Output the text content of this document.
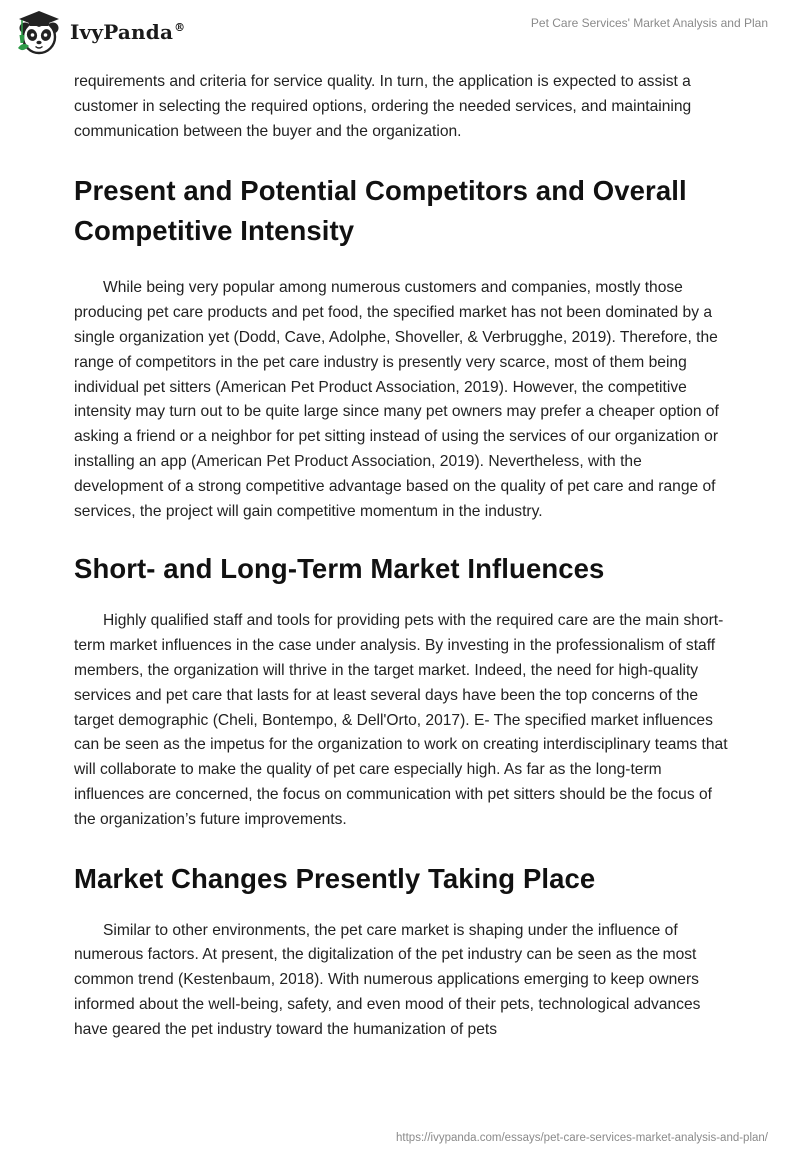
IvyPanda®	Pet Care Services' Market Analysis and Plan

requirements and criteria for service quality. In turn, the application is expected to assist a customer in selecting the required options, ordering the needed services, and maintaining communication between the buyer and the organization.

Present and Potential Competitors and Overall Competitive Intensity

While being very popular among numerous customers and companies, mostly those producing pet care products and pet food, the specified market has not been dominated by a single organization yet (Dodd, Cave, Adolphe, Shoveller, & Verbrugghe, 2019). Therefore, the range of competitors in the pet care industry is presently very scarce, most of them being individual pet sitters (American Pet Product Association, 2019). However, the competitive intensity may turn out to be quite large since many pet owners may prefer a cheaper option of asking a friend or a neighbor for pet sitting instead of using the services of our organization or installing an app (American Pet Product Association, 2019). Nevertheless, with the development of a strong competitive advantage based on the quality of pet care and range of services, the project will gain competitive momentum in the industry.

Short- and Long-Term Market Influences

Highly qualified staff and tools for providing pets with the required care are the main short-term market influences in the case under analysis. By investing in the professionalism of staff members, the organization will thrive in the target market. Indeed, the need for high-quality services and pet care that lasts for at least several days have been the top concerns of the target demographic (Cheli, Bontempo, & Dell'Orto, 2017). E- The specified market influences can be seen as the impetus for the organization to work on creating interdisciplinary teams that will collaborate to make the quality of pet care especially high. As far as the long-term influences are concerned, the focus on communication with pet sitters should be the focus of the organization’s future improvements.

Market Changes Presently Taking Place

Similar to other environments, the pet care market is shaping under the influence of numerous factors. At present, the digitalization of the pet industry can be seen as the most common trend (Kestenbaum, 2018). With numerous applications emerging to keep owners informed about the well-being, safety, and even mood of their pets, technological advances have geared the pet industry toward the humanization of pets

https://ivypanda.com/essays/pet-care-services-market-analysis-and-plan/
